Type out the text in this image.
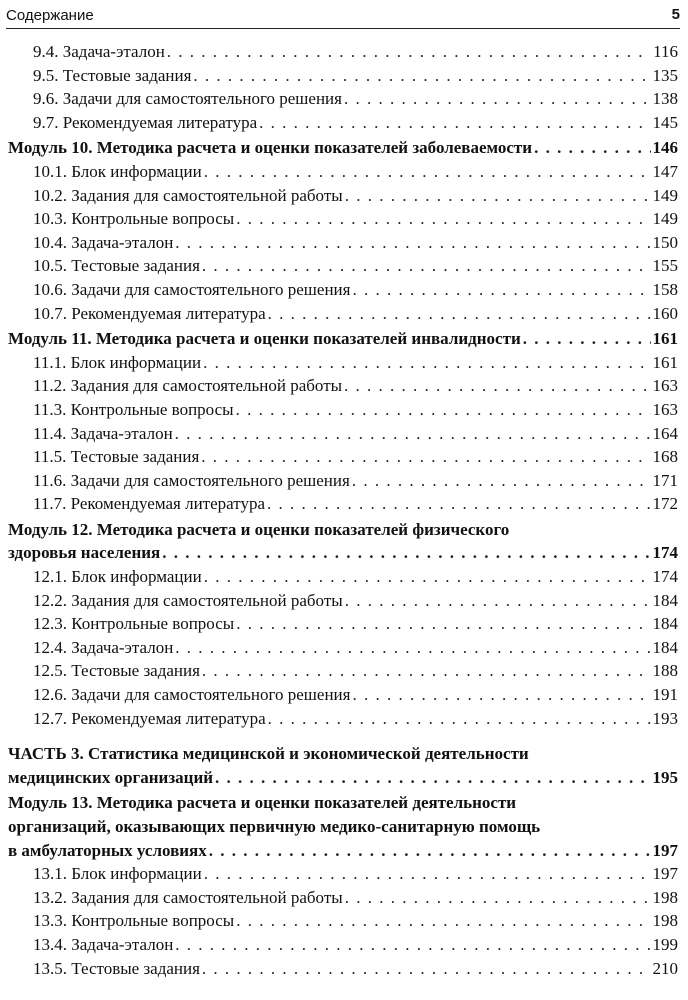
Содержание	5
9.4. Задача-эталон . . .	116
9.5. Тестовые задания . . .	135
9.6. Задачи для самостоятельного решения . . .	138
9.7. Рекомендуемая литература . . .	145
Модуль 10. Методика расчета и оценки показателей заболеваемости . . .	146
10.1. Блок информации . . .	147
10.2. Задания для самостоятельной работы . . .	149
10.3. Контрольные вопросы . . .	149
10.4. Задача-эталон . . .	150
10.5. Тестовые задания . . .	155
10.6. Задачи для самостоятельного решения . . .	158
10.7. Рекомендуемая литература . . .	160
Модуль 11. Методика расчета и оценки показателей инвалидности . . .	161
11.1. Блок информации . . .	161
11.2. Задания для самостоятельной работы . . .	163
11.3. Контрольные вопросы . . .	163
11.4. Задача-эталон . . .	164
11.5. Тестовые задания . . .	168
11.6. Задачи для самостоятельного решения . . .	171
11.7. Рекомендуемая литература . . .	172
Модуль 12. Методика расчета и оценки показателей физического
здоровья населения . . .	174
12.1. Блок информации . . .	174
12.2. Задания для самостоятельной работы . . .	184
12.3. Контрольные вопросы . . .	184
12.4. Задача-эталон . . .	184
12.5. Тестовые задания . . .	188
12.6. Задачи для самостоятельного решения . . .	191
12.7. Рекомендуемая литература . . .	193
ЧАСТЬ 3. Статистика медицинской и экономической деятельности
медицинских организаций . . .	195
Модуль 13. Методика расчета и оценки показателей деятельности
организаций, оказывающих первичную медико-санитарную помощь
в амбулаторных условиях . . .	197
13.1. Блок информации . . .	197
13.2. Задания для самостоятельной работы . . .	198
13.3. Контрольные вопросы . . .	198
13.4. Задача-эталон . . .	199
13.5. Тестовые задания . . .	210
